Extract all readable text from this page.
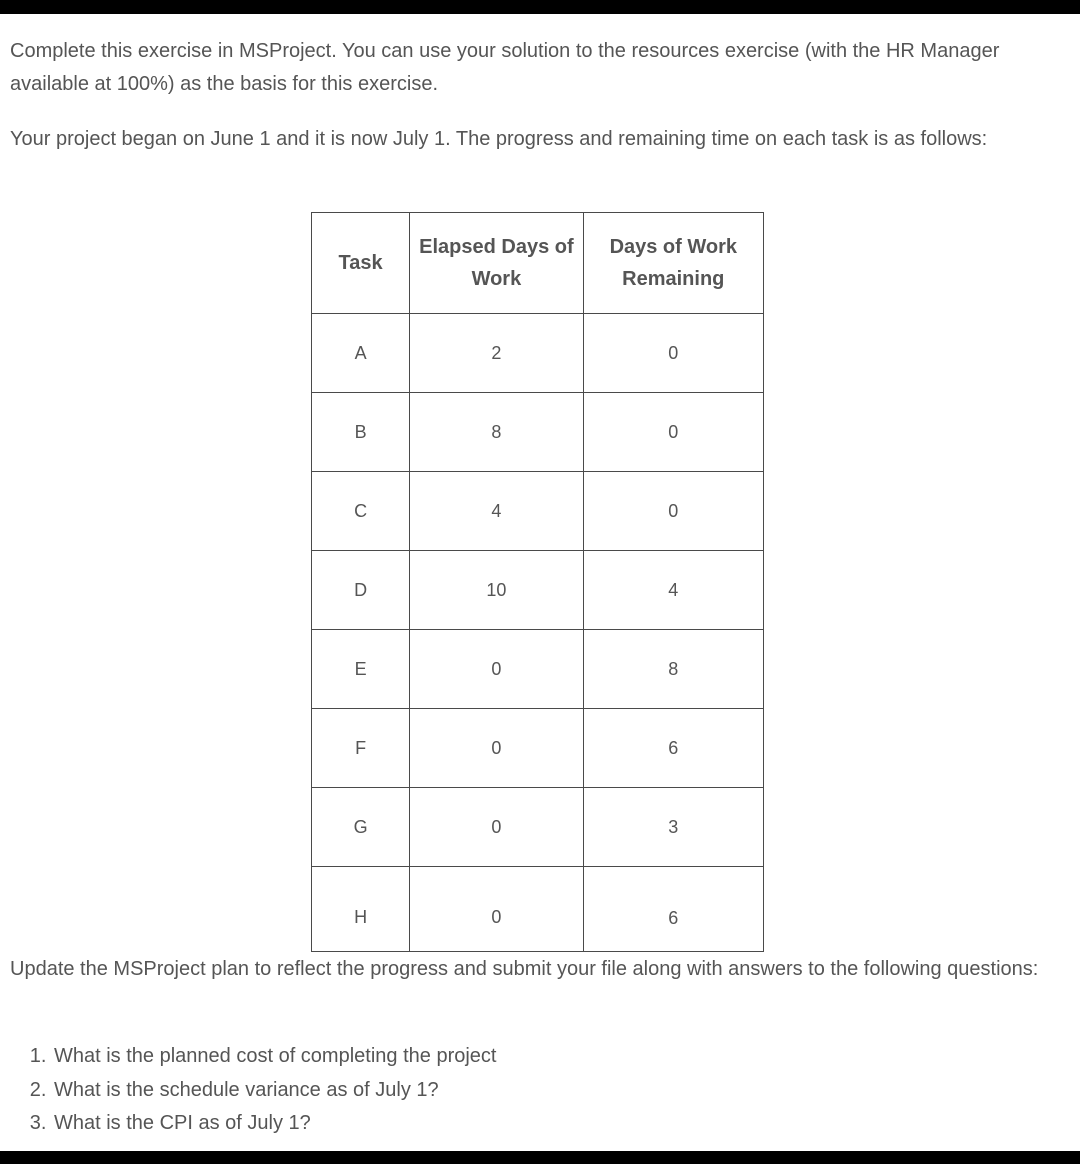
Complete this exercise in MSProject. You can use your solution to the resources exercise (with the HR Manager available at 100%) as the basis for this exercise.

Your project began on June 1 and it is now July 1. The progress and remaining time on each task is as follows:

Task	Elapsed Days of Work	Days of Work Remaining
A	2	0
B	8	0
C	4	0
D	10	4
E	0	8
F	0	6
G	0	3
H	0	6

Update the MSProject plan to reflect the progress and submit your file along with answers to the following questions:

1. What is the planned cost of completing the project
2. What is the schedule variance as of July 1?
3. What is the CPI as of July 1?
